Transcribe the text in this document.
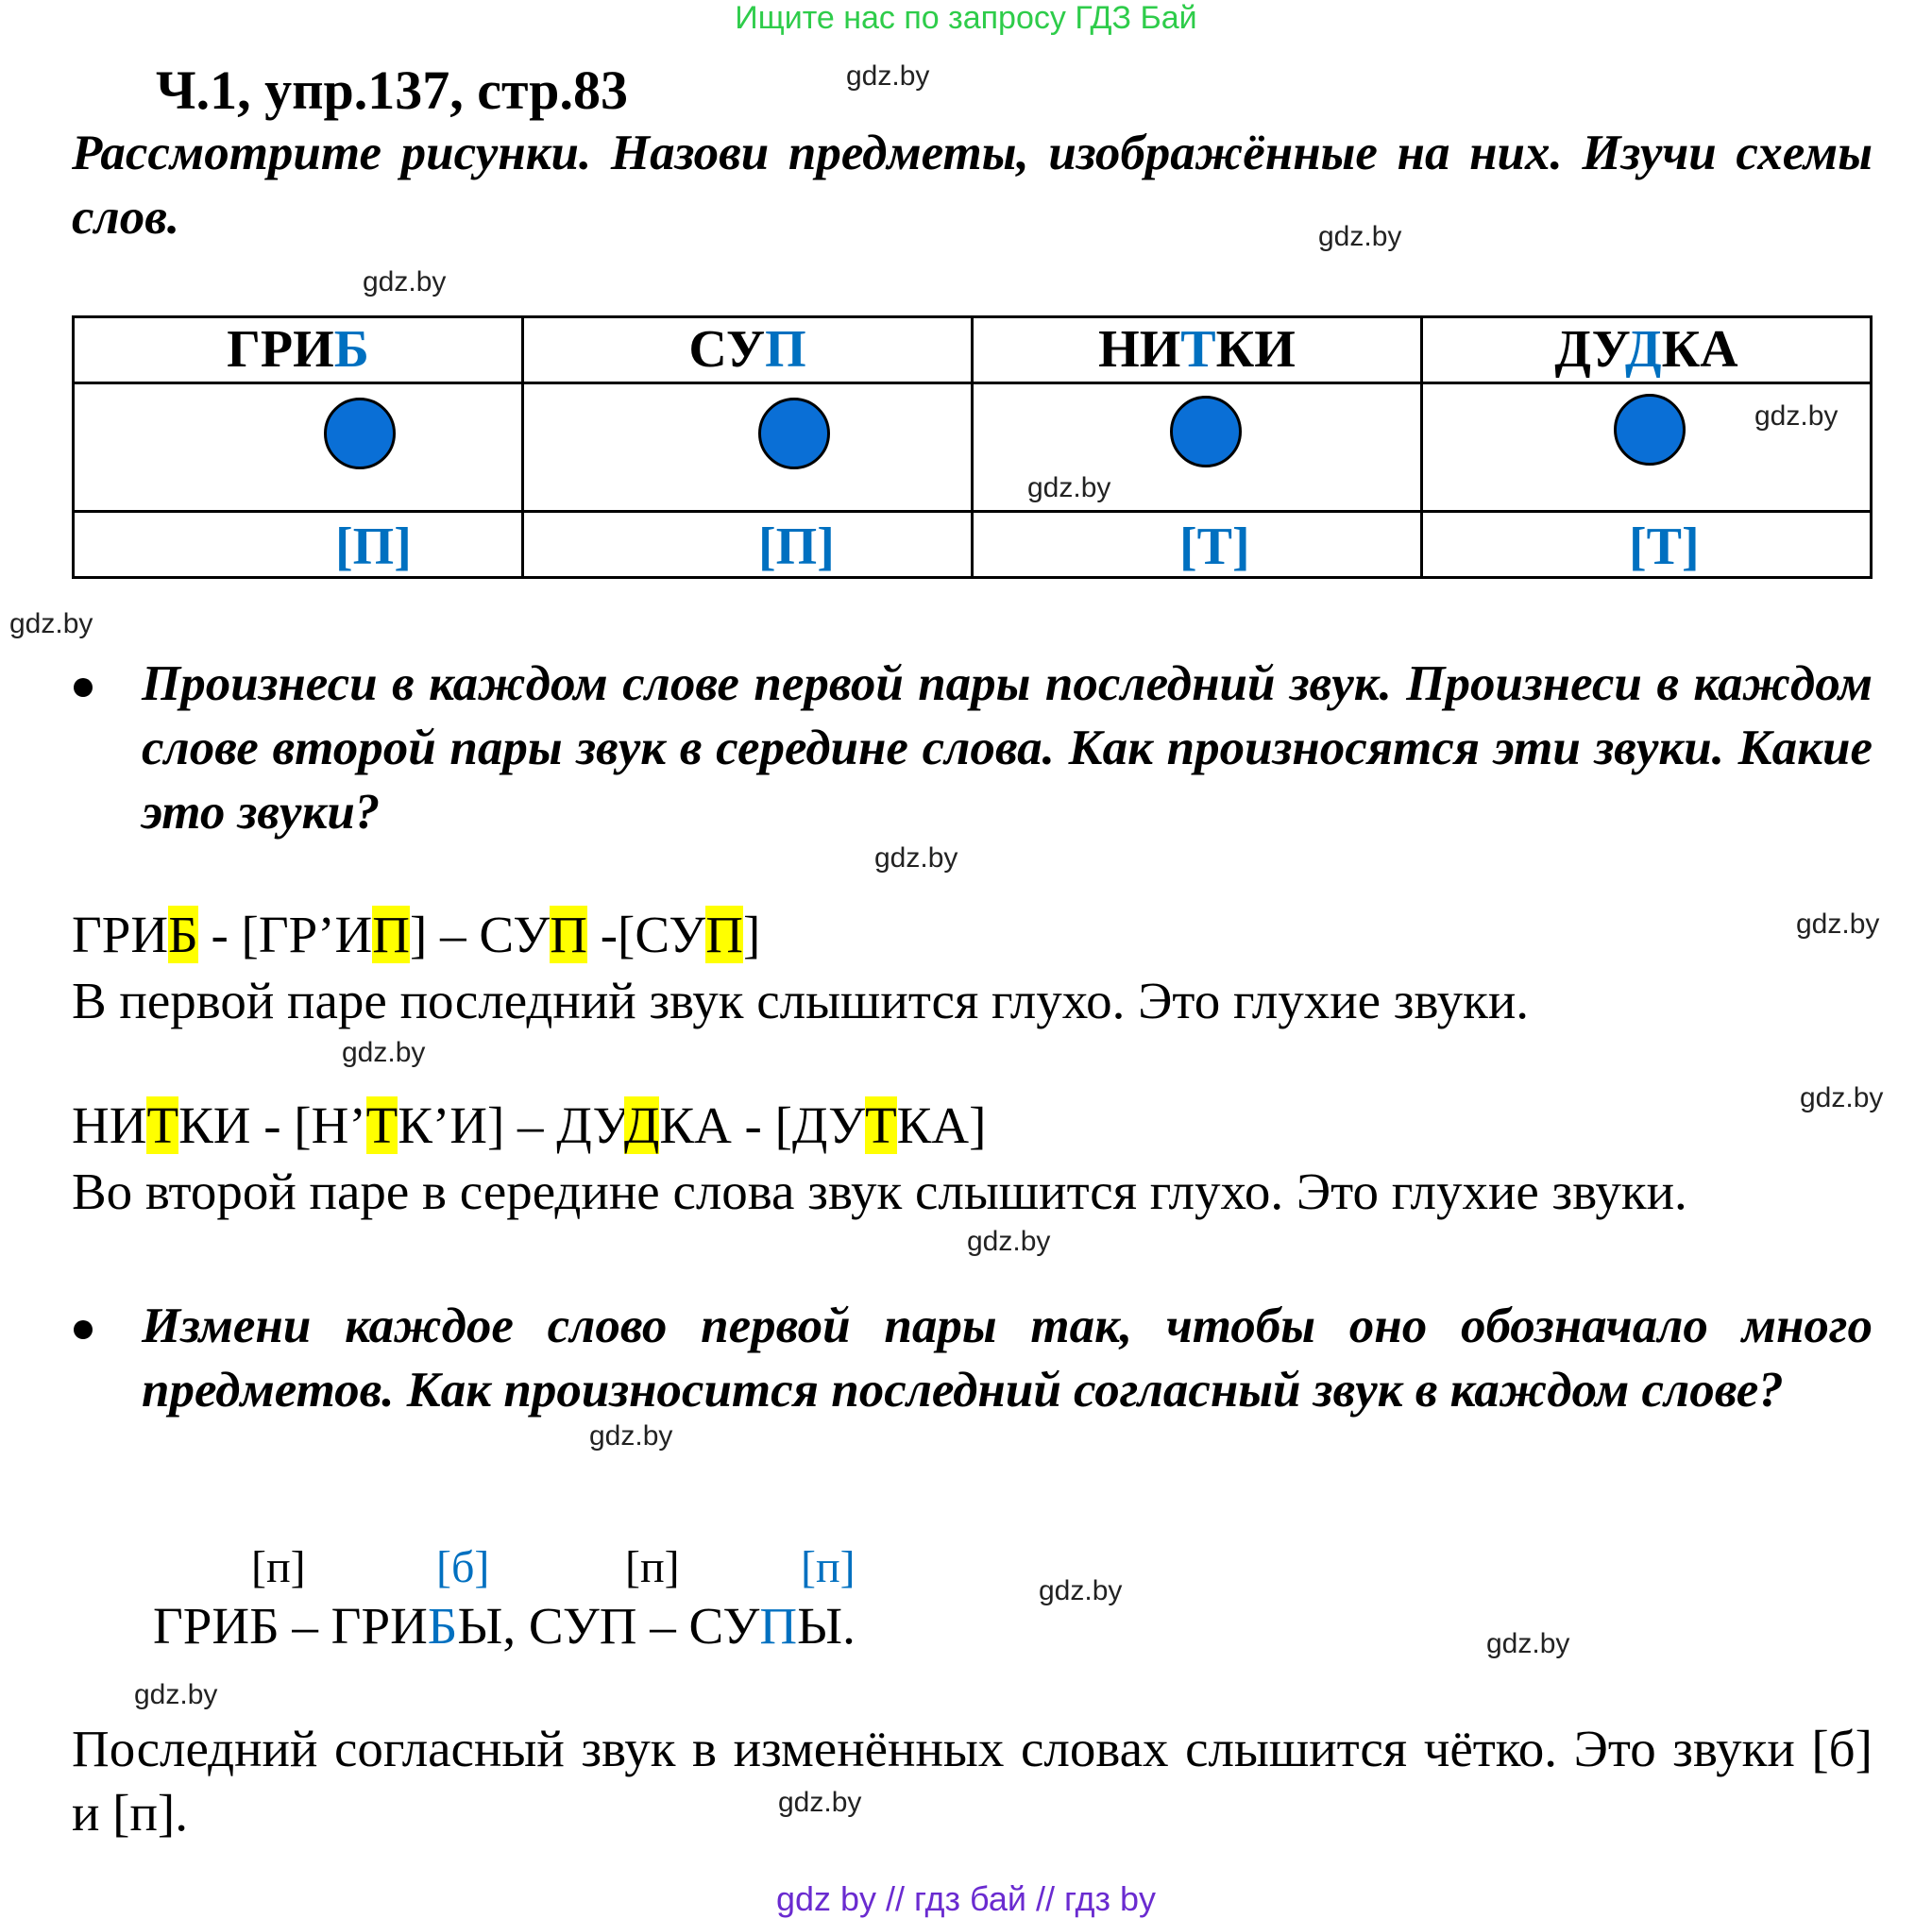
Ищите нас по запросу ГДЗ Бай
Ч.1, упр.137, стр.83
Рассмотрите рисунки. Назови предметы, изображённые на них. Изучи схемы слов.
ГРИБ	СУП	НИТКИ	ДУДКА

[П]	[П]	[Т]	[Т]
Произнеси в каждом слове первой пары последний звук. Произнеси в каждом слове второй пары звук в середине слова. Как произносятся эти звуки. Какие это звуки?
ГРИБ - [ГР’ИП] – СУП -[СУП]
В первой паре последний звук слышится глухо. Это глухие звуки.
НИТКИ - [Н’ТК’И] – ДУДКА - [ДУТКА]
Во второй паре в середине слова звук слышится глухо. Это глухие звуки.
Измени каждое слово первой пары так, чтобы оно обозначало много предметов. Как произносится последний согласный звук в каждом слове?
[п]	[б]	[п]	[п]
ГРИБ – ГРИБЫ, СУП – СУПЫ.
Последний согласный звук в изменённых словах слышится чётко. Это звуки [б] и [п].
gdz.by
gdz.by
gdz.by
gdz.by
gdz.by
gdz.by
gdz.by
gdz.by
gdz.by
gdz.by
gdz.by
gdz.by
gdz.by
gdz.by
gdz.by
gdz.by
gdz by // гдз бай // гдз by
